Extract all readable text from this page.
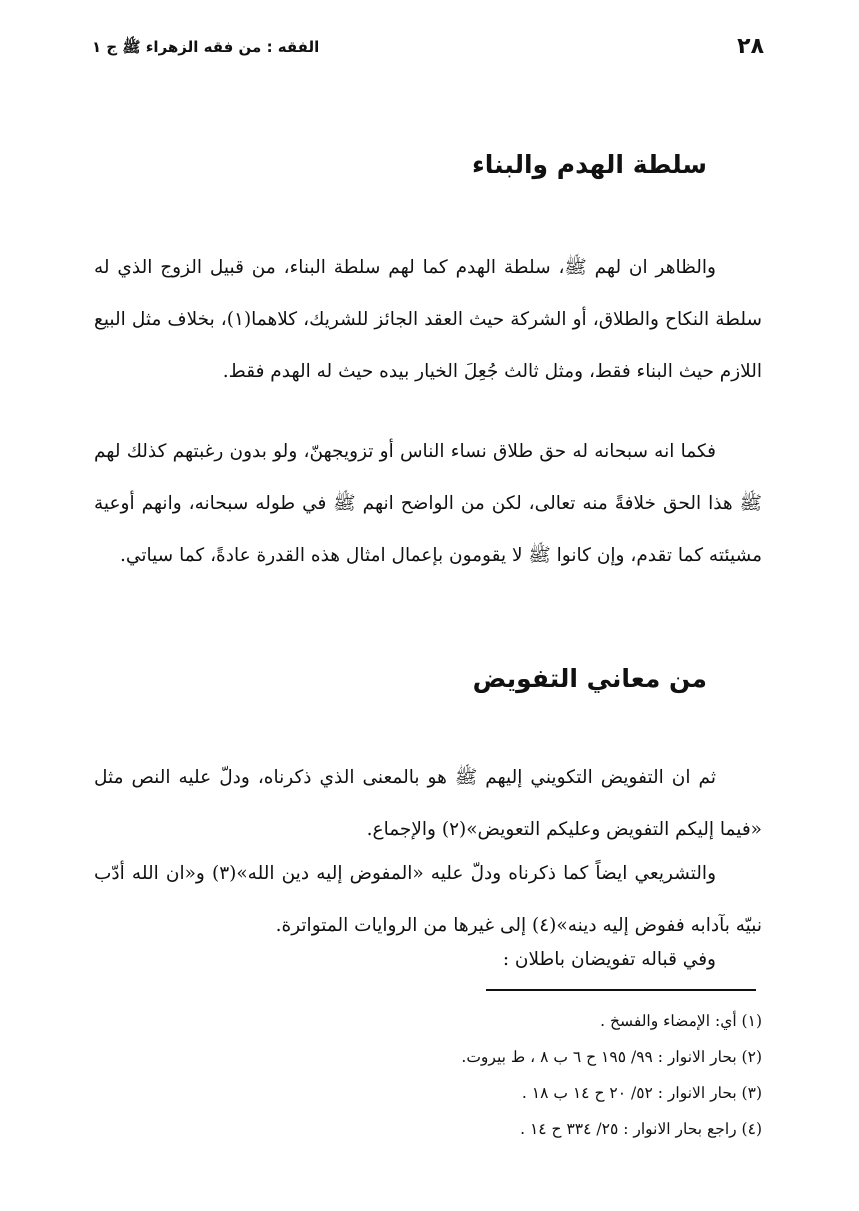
٢٨
الفقه : من فقه الزهراء ﷺ ج ١
سلطة الهدم والبناء

والظاهر ان لهم ﷺ، سلطة الهدم كما لهم سلطة البناء، من قبيل الزوج الذي له سلطة النكاح والطلاق، أو الشركة حيث العقد الجائز للشريك، كلاهما(١)، بخلاف مثل البيع اللازم حيث البناء فقط، ومثل ثالث جُعِلَ الخيار بيده حيث له الهدم فقط.

فكما انه سبحانه له حق طلاق نساء الناس أو تزويجهنّ، ولو بدون رغبتهم كذلك لهم ﷺ هذا الحق خلافةً منه تعالى، لكن من الواضح انهم ﷺ في طوله سبحانه، وانهم أوعية مشيئته كما تقدم، وإن كانوا ﷺ لا يقومون بإعمال امثال هذه القدرة عادةً، كما سياتي.

من معاني التفويض

ثم ان التفويض التكويني إليهم ﷺ هو بالمعنى الذي ذكرناه، ودلّ عليه النص مثل «فيما إليكم التفويض وعليكم التعويض»(٢) والإجماع.

والتشريعي ايضاً كما ذكرناه ودلّ عليه «المفوض إليه دين الله»(٣) و«ان الله أدّب نبيّه بآدابه ففوض إليه دينه»(٤) إلى غيرها من الروايات المتواترة.

وفي قباله تفويضان باطلان :

(١) أي: الإمضاء والفسخ .
(٢) بحار الانوار : ٩٩/ ١٩٥ ح ٦ ب ٨ ، ط بيروت.
(٣) بحار الانوار : ٥٢/ ٢٠ ح ١٤ ب ١٨ .
(٤) راجع بحار الانوار : ٢٥/ ٣٣٤ ح ١٤ .
